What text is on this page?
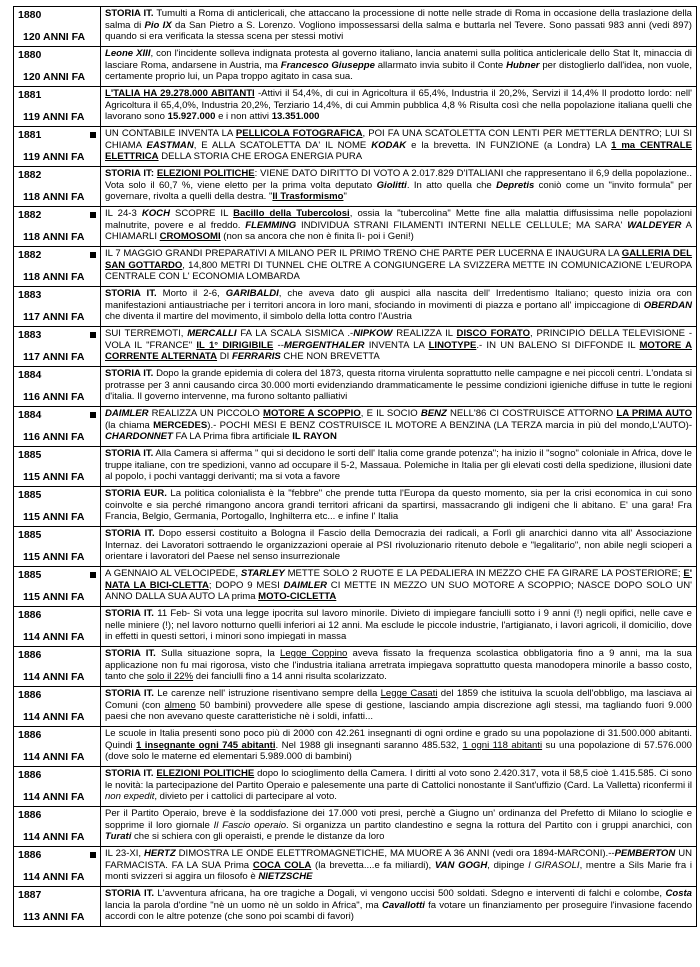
1880
120 ANNI FA	STORIA IT. Tumulti a Roma di anticlericali, che attaccano la processione di notte nelle strade di Roma in occasione della traslazione della salma di Pio IX da San Pietro a S. Lorenzo. Vogliono impossessarsi della salma e buttarla nel Tevere. Sono passati 983 anni (vedi 897) quando si era verificata la stessa scena per stessi motivi

1880
120 ANNI FA	Leone XIII, con l'incidente solleva indignata protesta al governo italiano, lancia anatemi sulla politica anticlericale dello Stat It, minaccia di lasciare Roma, andarsene in Austria, ma Francesco Giuseppe allarmato invia subito il Conte Hubner per distoglierlo dall'idea, non vuole, certamente proprio lui, un Papa troppo agitato in casa sua.

1881
119 ANNI FA	L'TALIA HA 29.278.000 ABITANTI -Attivi il 54,4%, di cui in Agricoltura il 65,4%, Industria il 20,2%, Servizi il 14,4% Il prodotto lordo: nell' Agricoltura il 65,4,0%, Industria 20,2%, Terziario 14,4%, di cui Ammin pubblica 4,8 % Risulta così che nella popolazione italiana quelli che lavorano sono 15.927.000 e i non attivi 13.351.000

1881
119 ANNI FA	UN CONTABILE INVENTA LA PELLICOLA FOTOGRAFICA, POI FA UNA SCATOLETTA CON LENTI PER METTERLA DENTRO; LUI SI CHIAMA EASTMAN, E ALLA SCATOLETTA DA' IL NOME KODAK e la brevetta. IN FUNZIONE (a Londra) LA 1 ma CENTRALE ELETTRICA DELLA STORIA CHE EROGA ENERGIA PURA

1882
118 ANNI FA	STORIA IT: ELEZIONI POLITICHE: VIENE DATO DIRITTO DI VOTO A 2.017.829 D'ITALIANI che rappresentano il 6,9 della popolazione.. Vota solo il 60,7 %, viene eletto per la prima volta deputato Giolitti. In atto quella che Depretis coniò come un "invito formula" per governare, rivolta a quelli della destra. "Il Trasformismo"

1882
118 ANNI FA	IL 24-3 KOCH SCOPRE IL Bacillo della Tubercolosi, ossia la "tubercolina" Mette fine alla malattia diffusissima nelle popolazioni malnutrite, povere e al freddo. FLEMMING INDIVIDUA STRANI FILAMENTI INTERNI NELLE CELLULE; MA SARA' WALDEYER A CHIAMARLI CROMOSOMI (non sa ancora che non è finita lì- poi i Geni!)

1882
118 ANNI FA	IL 7 MAGGIO GRANDI PREPARATIVI A MILANO PER IL PRIMO TRENO CHE PARTE PER LUCERNA E INAUGURA LA GALLERIA DEL SAN GOTTARDO, 14,800 METRI DI TUNNEL CHE OLTRE A CONGIUNGERE LA SVIZZERA METTE IN COMUNICAZIONE L'EUROPA CENTRALE CON L' ECONOMIA LOMBARDA

1883
117 ANNI FA	STORIA IT. Morto il 2-6, GARIBALDI, che aveva dato gli auspici alla nascita dell' Irredentismo Italiano; questo inizia ora con manifestazioni antiaustriache per i territori ancora in loro mani, sfociando in movimenti di piazza e portano all' impiccagione di OBERDAN che diventa il martire del movimento, il simbolo della lotta contro l'Austria

1883
117 ANNI FA	SUI TERREMOTI, MERCALLI FA LA SCALA SISMICA .-NIPKOW REALIZZA IL DISCO FORATO, PRINCIPIO DELLA TELEVISIONE -VOLA IL "FRANCE" IL 1° DIRIGIBILE --MERGENTHALER INVENTA LA LINOTYPE.- IN UN BALENO SI DIFFONDE IL MOTORE A CORRENTE ALTERNATA DI FERRARIS CHE NON BREVETTA

1884
116 ANNI FA	STORIA IT. Dopo la grande epidemia di colera del 1873, questa ritorna virulenta soprattutto nelle campagne e nei piccoli centri. L'ondata si protrasse per 3 anni causando circa 30.000 morti evidenziando drammaticamente le pessime condizioni igieniche diffuse in tutte le regioni d'italia. Il governo intervenne, ma furono soltanto palliativi

1884
116 ANNI FA	DAIMLER REALIZZA UN PICCOLO MOTORE A SCOPPIO, E IL SOCIO BENZ NELL'86 CI COSTRUISCE ATTORNO LA PRIMA AUTO (la chiama MERCEDES).- POCHI MESI E BENZ COSTRUISCE IL MOTORE A BENZINA (LA TERZA marcia in più del mondo,L'AUTO)-CHARDONNET FA LA Prima fibra artificiale IL RAYON

1885
115 ANNI FA	STORIA IT. Alla Camera si afferma " qui si decidono le sorti dell' Italia come grande potenza"; ha inizio il "sogno" coloniale in Africa, dove le truppe italiane, con tre spedizioni, vanno ad occupare il 5-2, Massaua. Polemiche in Italia per gli elevati costi della spedizione, illusioni date al popolo, i pochi vantaggi derivanti; ma si vota a favore

1885
115 ANNI FA	STORIA EUR. La politica colonialista è la "febbre" che prende tutta l'Europa da questo momento, sia per la crisi economica in cui sono coinvolte e sia perché rimangono ancora grandi territori africani da spartirsi, massacrando gli indigeni che li abitano. E' una gara! Fra Francia, Belgio, Germania, Portogallo, Inghilterra etc... e infine l' Italia

1885
115 ANNI FA	STORIA IT. Dopo essersi costituito a Bologna il Fascio della Democrazia dei radicali, a Forlì gli anarchici danno vita all' Associazione Internaz. dei Lavoratori sottraendo le organizzazioni operaie al PSI rivoluzionario ritenuto debole e "legalitario", non abile negli scioperi a orientare i lavoratori del Paese nel senso insurrezionale

1885
115 ANNI FA	A GENNAIO AL VELOCIPEDE, STARLEY METTE SOLO 2 RUOTE E LA PEDALIERA IN MEZZO CHE FA GIRARE LA POSTERIORE; E' NATA LA BICI-CLETTA; DOPO 9 MESI DAIMLER CI METTE IN MEZZO UN SUO MOTORE A SCOPPIO; NASCE DOPO SOLO UN' ANNO DALLA SUA AUTO LA prima MOTO-CICLETTA

1886
114 ANNI FA	STORIA IT. 11 Feb- Si vota una legge ipocrita sul lavoro minorile. Divieto di impiegare fanciulli sotto i 9 anni (!) negli opifici, nelle cave e nelle miniere (!); nel lavoro notturno quelli inferiori ai 12 anni. Ma esclude le piccole industrie, l'artigianato, i lavori agricoli, il domicilio, dove in effetti in questi settori, i minori sono impiegati in massa

1886
114 ANNI FA	STORIA IT. Sulla situazione sopra, la Legge Coppino aveva fissato la frequenza scolastica obbligatoria fino a 9 anni, ma la sua applicazione non fu mai rigorosa, visto che l'industria italiana arretrata impiegava soprattutto questa manodopera minorile a basso costo, tanto che solo il 22% dei fanciulli fino a 14 anni risulta scolarizzato.

1886
114 ANNI FA	STORIA IT. Le carenze nell' istruzione risentivano sempre della Legge Casati del 1859 che istituiva la scuola dell'obbligo, ma lasciava ai Comuni (con almeno 50 bambini) provvedere alle spese di gestione, lasciando ampia discrezione agli stessi, ma tagliando fuori 9.000 paesi che non avevano queste caratteristiche nè i soldi, infatti...

1886
114 ANNI FA	Le scuole in Italia presenti sono poco più di 2000 con 42.261 insegnanti di ogni ordine e grado su una popolazione di 31.500.000 abitanti. Quindi 1 insegnante ogni 745 abitanti. Nel 1988 gli insegnanti saranno 485.532, 1 ogni 118 abitanti su una popolazione di 57.576.000 (dove solo le materne ed elementari 5.989.000 di bambini)

1886
114 ANNI FA	STORIA IT. ELEZIONI POLITICHE dopo lo scioglimento della Camera. I diritti al voto sono 2.420.317, vota il 58,5 cioè 1.415.585. Ci sono le novità: la partecipazione del Partito Operaio e palesemente una parte di Cattolici nonostante il Sant'uffizio (Card. La Valletta) riconfermi il non expedit, divieto per i cattolici di partecipare al voto.

1886
114 ANNI FA	Per il Partito Operaio, breve è la soddisfazione dei 17.000 voti presi, perchè a Giugno un' ordinanza del Prefetto di Milano lo scioglie e sopprime il loro giornale Il Fascio operaio. Si organizza un partito clandestino e segna la rottura del Partito con i gruppi anarchici, con Turati che si schiera con gli operaisti, e prende le distanze da loro

1886
114 ANNI FA	IL 23-XI, HERTZ DIMOSTRA LE ONDE ELETTROMAGNETICHE, MA MUORE A 36 ANNI (vedi ora 1894-MARCONI).--PEMBERTON UN FARMACISTA. FA LA SUA Prima COCA COLA (la brevetta....e fa miliardi), VAN GOGH, dipinge I GIRASOLI, mentre a Sils Marie fra i monti svizzeri si aggira un filosofo è NIETZSCHE

1887
113 ANNI FA	STORIA IT. L'avventura africana, ha ore tragiche a Dogali, vi vengono uccisi 500 soldati. Sdegno e interventi di falchi e colombe, Costa lancia la parola d'ordine "nè un uomo nè un soldo in Africa", ma Cavallotti fa votare un finanziamento per proseguire l'invasione facendo accordi con le altre potenze (che sono poi scambi di favori)
